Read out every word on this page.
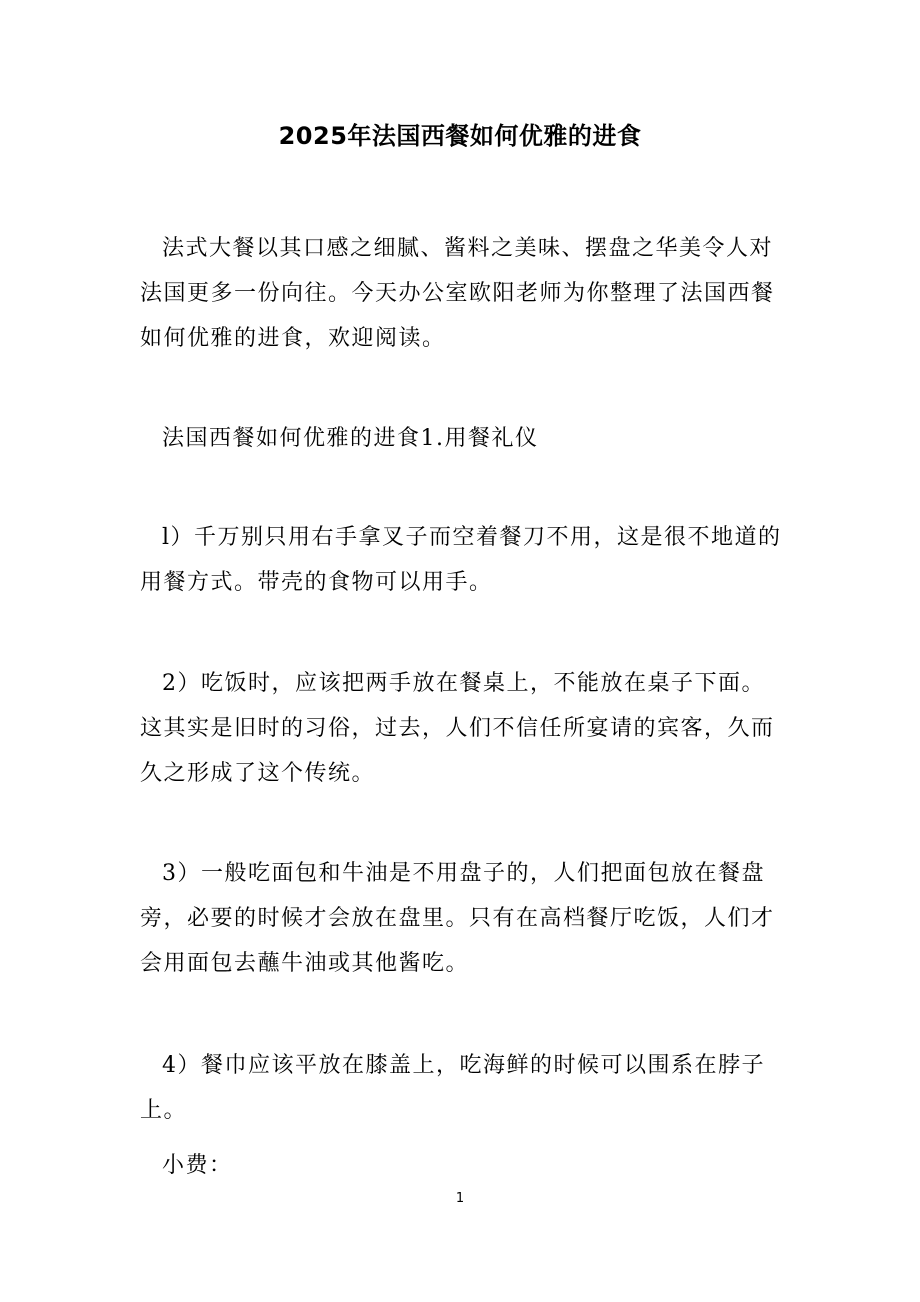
2025年法国西餐如何优雅的进食

法式大餐以其口感之细腻、酱料之美味、摆盘之华美令人对法国更多一份向往。今天办公室欧阳老师为你整理了法国西餐如何优雅的进食，欢迎阅读。

法国西餐如何优雅的进食1.用餐礼仪

l）千万别只用右手拿叉子而空着餐刀不用，这是很不地道的用餐方式。带壳的食物可以用手。

2）吃饭时，应该把两手放在餐桌上，不能放在桌子下面。这其实是旧时的习俗，过去，人们不信任所宴请的宾客，久而久之形成了这个传统。

3）一般吃面包和牛油是不用盘子的，人们把面包放在餐盘旁，必要的时候才会放在盘里。只有在高档餐厅吃饭，人们才会用面包去蘸牛油或其他酱吃。

4）餐巾应该平放在膝盖上，吃海鲜的时候可以围系在脖子上。

小费：

1
